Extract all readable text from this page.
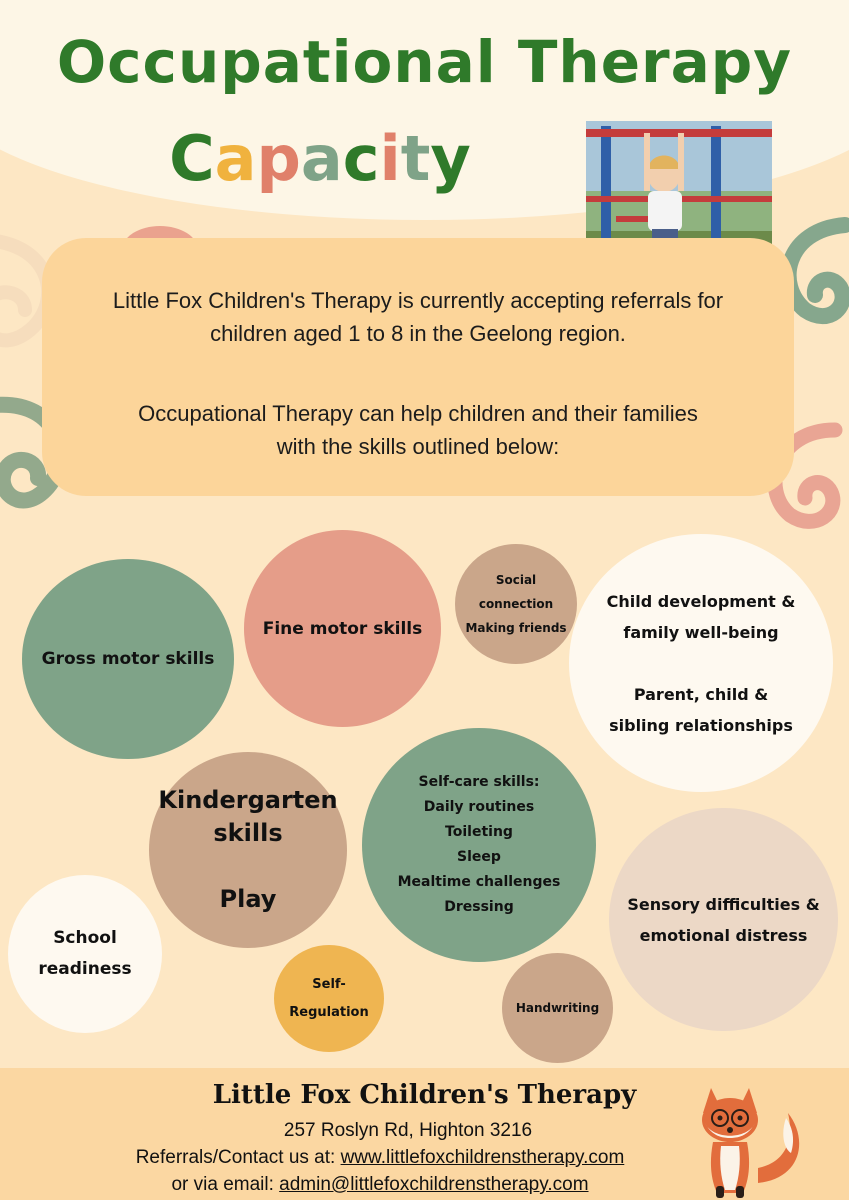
Occupational Therapy
Capacity

Little Fox Children's Therapy is currently accepting referrals for

children aged 1 to 8 in the Geelong region.

Occupational Therapy can help children and their families

with the skills outlined below:

Gross motor skills
Fine motor skills
Social
connection
Making friends
Child development &
family well-being
Parent, child &
sibling relationships
Kindergarten
skills
Play
Self-care skills:
Daily routines
Toileting
Sleep
Mealtime challenges
Dressing	Sensory difficulties &
emotional distress
School
readiness
Self-
Regulation	Handwriting
Little Fox Children's Therapy

257 Roslyn Rd, Highton 3216

Referrals/Contact us at: www.littlefoxchildrenstherapy.com

or via email: admin@littlefoxchildrenstherapy.com
